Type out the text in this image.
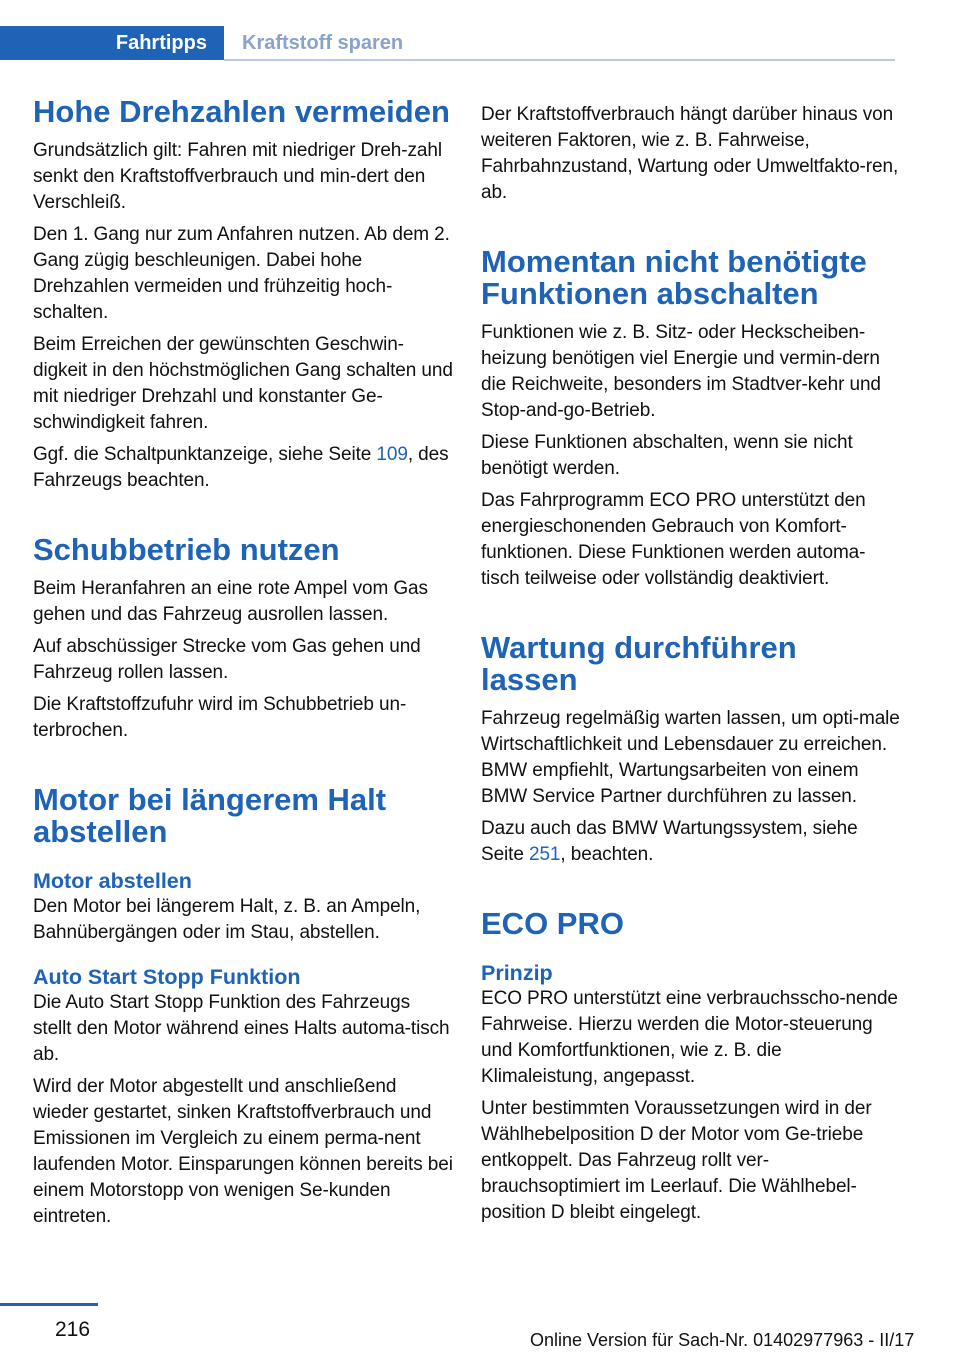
Fahrtipps	Kraftstoff sparen
Hohe Drehzahlen vermeiden

Grundsätzlich gilt: Fahren mit niedriger Dreh‐zahl senkt den Kraftstoffverbrauch und min‐dert den Verschleiß.

Den 1. Gang nur zum Anfahren nutzen. Ab dem 2. Gang zügig beschleunigen. Dabei hohe Drehzahlen vermeiden und frühzeitig hoch‐schalten.

Beim Erreichen der gewünschten Geschwin‐digkeit in den höchstmöglichen Gang schalten und mit niedriger Drehzahl und konstanter Ge‐schwindigkeit fahren.

Ggf. die Schaltpunktanzeige, siehe Seite 109, des Fahrzeugs beachten.

Schubbetrieb nutzen

Beim Heranfahren an eine rote Ampel vom Gas gehen und das Fahrzeug ausrollen lassen.

Auf abschüssiger Strecke vom Gas gehen und Fahrzeug rollen lassen.

Die Kraftstoffzufuhr wird im Schubbetrieb un‐terbrochen.

Motor bei längerem Halt abstellen
Motor abstellen

Den Motor bei längerem Halt, z. B. an Ampeln, Bahnübergängen oder im Stau, abstellen.

Auto Start Stopp Funktion

Die Auto Start Stopp Funktion des Fahrzeugs stellt den Motor während eines Halts automa‐tisch ab.

Wird der Motor abgestellt und anschließend wieder gestartet, sinken Kraftstoffverbrauch und Emissionen im Vergleich zu einem perma‐nent laufenden Motor. Einsparungen können bereits bei einem Motorstopp von wenigen Se‐kunden eintreten.

Der Kraftstoffverbrauch hängt darüber hinaus von weiteren Faktoren, wie z. B. Fahrweise, Fahrbahnzustand, Wartung oder Umweltfakto‐ren, ab.

Momentan nicht benötigte Funktionen abschalten

Funktionen wie z. B. Sitz- oder Heckscheiben‐heizung benötigen viel Energie und vermin‐dern die Reichweite, besonders im Stadtver‐kehr und Stop-and-go-Betrieb.

Diese Funktionen abschalten, wenn sie nicht benötigt werden.

Das Fahrprogramm ECO PRO unterstützt den energieschonenden Gebrauch von Komfort‐funktionen. Diese Funktionen werden automa‐tisch teilweise oder vollständig deaktiviert.

Wartung durchführen lassen

Fahrzeug regelmäßig warten lassen, um opti‐male Wirtschaftlichkeit und Lebensdauer zu erreichen. BMW empfiehlt, Wartungsarbeiten von einem BMW Service Partner durchführen zu lassen.

Dazu auch das BMW Wartungssystem, siehe Seite 251, beachten.

ECO PRO
Prinzip

ECO PRO unterstützt eine verbrauchsscho‐nende Fahrweise. Hierzu werden die Motor‐steuerung und Komfortfunktionen, wie z. B. die Klimaleistung, angepasst.

Unter bestimmten Voraussetzungen wird in der Wählhebelposition D der Motor vom Ge‐triebe entkoppelt. Das Fahrzeug rollt ver‐brauchsoptimiert im Leerlauf. Die Wählhebel‐position D bleibt eingelegt.

216	Online Version für Sach-Nr. 01402977963 - II/17
